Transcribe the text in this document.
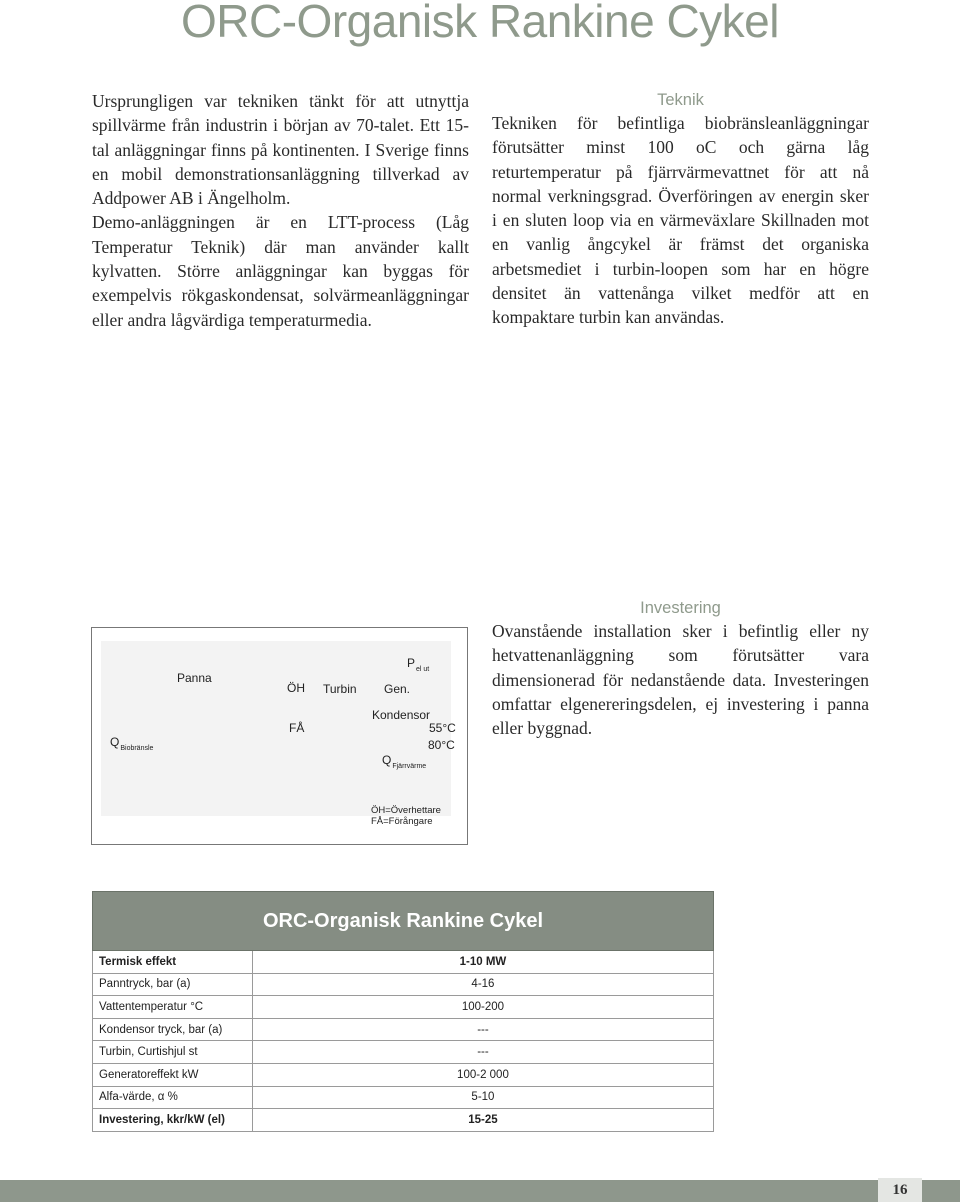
ORC-Organisk Rankine Cykel

Ursprungligen var tekniken tänkt för att utnyttja spillvärme från industrin i början av 70-talet. Ett 15-tal anläggningar finns på kontinenten. I Sverige finns en mobil demonstrationsanläggning tillverkad av Addpower AB i Ängelholm.

Demo-anläggningen är en LTT-process (Låg Temperatur Teknik) där man använder kallt kylvatten. Större anläggningar kan byggas för exempelvis rökgaskondensat, solvärmeanläggningar eller andra lågvärdiga temperaturmedia.

Teknik

Tekniken för befintliga biobränsleanläggningar förutsätter minst 100 oC och gärna låg returtemperatur på fjärrvärmevattnet för att nå normal verkningsgrad. Överföringen av energin sker i en sluten loop via en värmeväxlare Skillnaden mot en vanlig ångcykel är främst det organiska arbetsmediet i turbin-loopen som har en högre densitet än vattenånga vilket medför att en kompaktare turbin kan användas.

Panna
ÖH Turbin Gen.
$P_{el ut}$
FÅ
Kondensor
55°C
80°C
$Q_{Biobränsle}$
$Q_{Fjärrvärme}$
ÖH=Överhettare
FÅ=Förångare
Investering

Ovanstående installation sker i befintlig eller ny hetvattenanläggning som förutsätter vara dimensionerad för nedanstående data. Investeringen omfattar elgenereringsdelen, ej investering i panna eller byggnad.

ORC-Organisk Rankine Cykel	
Termisk effekt	1-10 MW
Panntryck, bar (a)	4-16
Vattentemperatur °C	100-200
Kondensor tryck, bar (a)	---
Turbin, Curtishjul st	---
Generatoreffekt kW	100-2 000
Alfa-värde, α %	5-10
Investering, kkr/kW (el)	15-25
16
